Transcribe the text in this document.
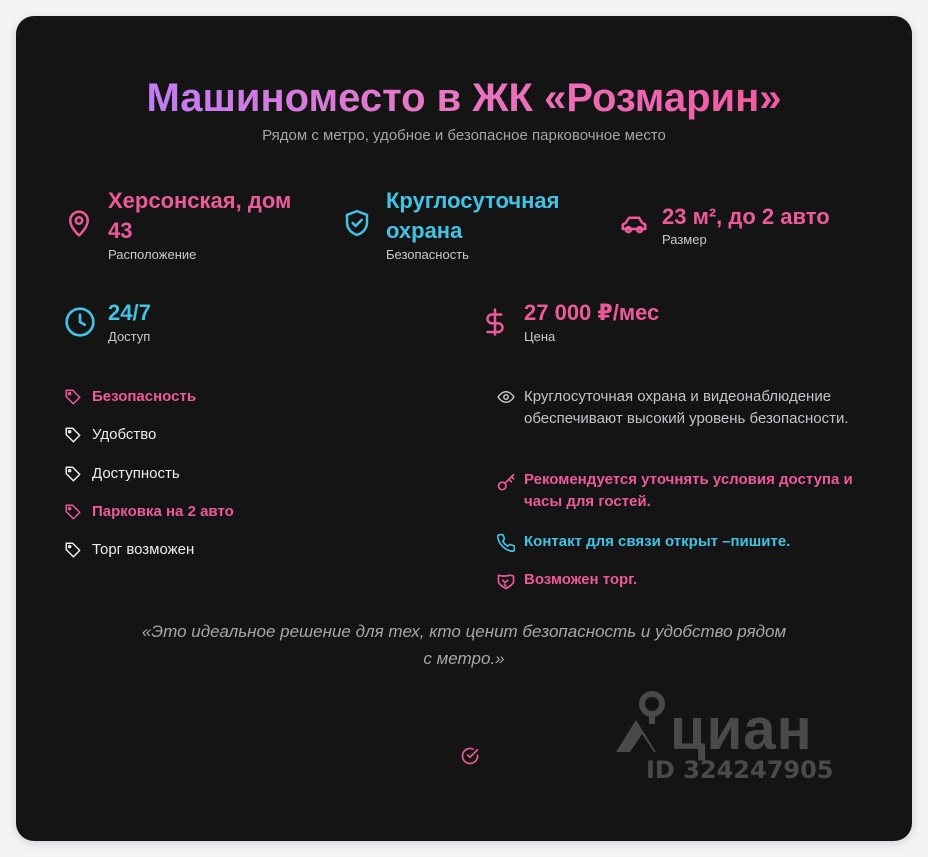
Машиноместо в ЖК «Розмарин»
Рядом с метро, удобное и безопасное парковочное место
Херсонская, дом 43
Расположение
Круглосуточная охрана
Безопасность
23 м², до 2 авто
Размер
24/7
Доступ
27 000 ₽/мес
Цена
Безопасность
Удобство
Доступность
Парковка на 2 авто
Торг возможен
Круглосуточная охрана и видеонаблюдение обеспечивают высокий уровень безопасности.
Рекомендуется уточнять условия доступа и часы для гостей.
Контакт для связи открыт –пишите.
Возможен торг.
«Это идеальное решение для тех, кто ценит безопасность и удобство рядом с метро.»
циан
ID 324247905
